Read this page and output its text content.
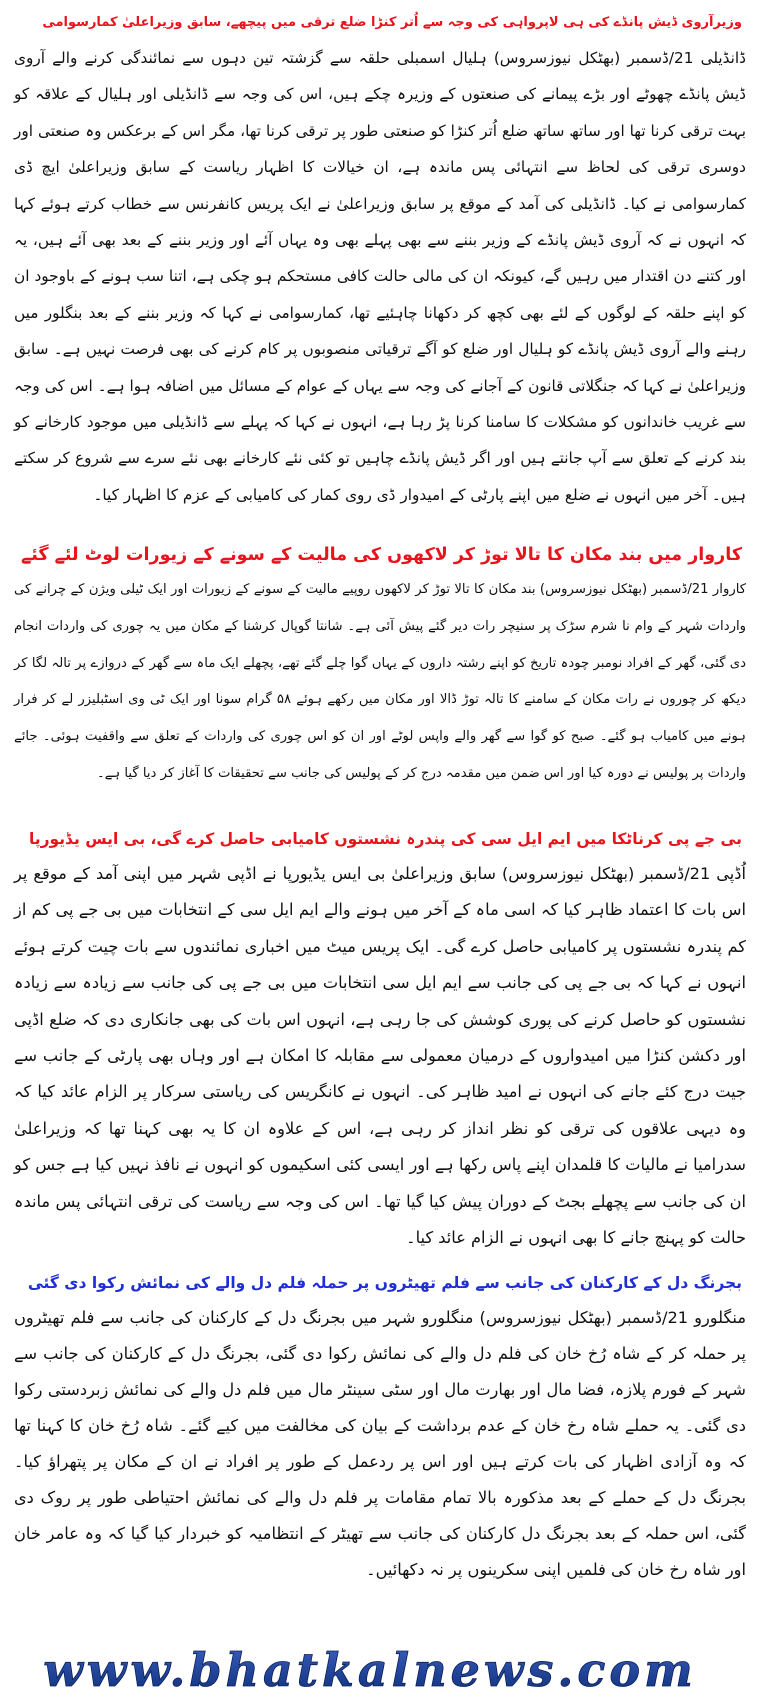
وزیرآروی ڈیش پانڈے کی ہی لاپرواہی کی وجہ سے اُتر کنڑا ضلع ترقی میں پیچھے، سابق وزیراعلیٰ کمارسوامی

ڈانڈیلی 21/ڈسمبر (بھٹکل نیوزسروس) ہلیال اسمبلی حلقہ سے گزشتہ تین دہوں سے نمائندگی کرنے والے آروی ڈیش پانڈے چھوٹے اور بڑے پیمانے کی صنعتوں کے وزیرہ چکے ہیں، اس کی وجہ سے ڈانڈیلی اور ہلیال کے علاقہ کو بہت ترقی کرنا تھا اور ساتھ ساتھ ضلع اُتر کنڑا کو صنعتی طور پر ترقی کرنا تھا، مگر اس کے برعکس وہ صنعتی اور دوسری ترقی کی لحاظ سے انتہائی پس ماندہ ہے، ان خیالات کا اظہار ریاست کے سابق وزیراعلیٰ ایچ ڈی کمارسوامی نے کیا۔ ڈانڈیلی کی آمد کے موقع پر سابق وزیراعلیٰ نے ایک پریس کانفرنس سے خطاب کرتے ہوئے کہا کہ انہوں نے کہ آروی ڈیش پانڈے کے وزیر بننے سے بھی پہلے بھی وہ یہاں آئے اور وزیر بننے کے بعد بھی آئے ہیں، یہ اور کتنے دن اقتدار میں رہیں گے، کیونکہ ان کی مالی حالت کافی مستحکم ہو چکی ہے، اتنا سب ہونے کے باوجود ان کو اپنے حلقہ کے لوگوں کے لئے بھی کچھ کر دکھانا چاہئیے تھا، کمارسوامی نے کہا کہ وزیر بننے کے بعد بنگلور میں رہنے والے آروی ڈیش پانڈے کو ہلیال اور ضلع کو آگے ترقیاتی منصوبوں پر کام کرنے کی بھی فرصت نہیں ہے۔ سابق وزیراعلیٰ نے کہا کہ جنگلاتی قانون کے آجانے کی وجہ سے یہاں کے عوام کے مسائل میں اضافہ ہوا ہے۔ اس کی وجہ سے غریب خاندانوں کو مشکلات کا سامنا کرنا پڑ رہا ہے، انہوں نے کہا کہ پہلے سے ڈانڈیلی میں موجود کارخانے کو بند کرنے کے تعلق سے آپ جانتے ہیں اور اگر ڈیش پانڈے چاہیں تو کئی نئے کارخانے بھی نئے سرے سے شروع کر سکتے ہیں۔ آخر میں انہوں نے ضلع میں اپنے پارٹی کے امیدوار ڈی روی کمار کی کامیابی کے عزم کا اظہار کیا۔

کاروار میں بند مکان کا تالا توڑ کر لاکھوں کی مالیت کے سونے کے زیورات لوٹ لئے گئے

کاروار 21/ڈسمبر (بھٹکل نیوزسروس) بند مکان کا تالا توڑ کر لاکھوں روپیے مالیت کے سونے کے زیورات اور ایک ٹیلی ویژن کے چرانے کی واردات شہر کے وام نا شرم سڑک پر سنیچر رات دیر گئے پیش آئی ہے۔ شانتا گوپال کرشنا کے مکان میں یہ چوری کی واردات انجام دی گئی، گھر کے افراد نومبر چودہ تاریخ کو اپنے رشتہ داروں کے یہاں گوا چلے گئے تھے، پچھلے ایک ماہ سے گھر کے دروازے پر تالہ لگا کر دیکھ کر چوروں نے رات مکان کے سامنے کا تالہ توڑ ڈالا اور مکان میں رکھے ہوئے ۵۸ گرام سونا اور ایک ٹی وی اسٹبلیزر لے کر فرار ہونے میں کامیاب ہو گئے۔ صبح کو گوا سے گھر والے واپس لوٹے اور ان کو اس چوری کی واردات کے تعلق سے واقفیت ہوئی۔ جائے واردات پر پولیس نے دورہ کیا اور اس ضمن میں مقدمہ درج کر کے پولیس کی جانب سے تحقیقات کا آغاز کر دیا گیا ہے۔

بی جے پی کرناٹکا میں ایم ایل سی کی پندرہ نشستوں کامیابی حاصل کرے گی، بی ایس یڈیورپا

اُڈپی 21/ڈسمبر (بھٹکل نیوزسروس) سابق وزیراعلیٰ بی ایس یڈیورپا نے اڈپی شہر میں اپنی آمد کے موقع پر اس بات کا اعتماد ظاہر کیا کہ اسی ماہ کے آخر میں ہونے والے ایم ایل سی کے انتخابات میں بی جے پی کم از کم پندرہ نشستوں پر کامیابی حاصل کرے گی۔ ایک پریس میٹ میں اخباری نمائندوں سے بات چیت کرتے ہوئے انہوں نے کہا کہ بی جے پی کی جانب سے ایم ایل سی انتخابات میں بی جے پی کی جانب سے زیادہ سے زیادہ نشستوں کو حاصل کرنے کی پوری کوشش کی جا رہی ہے، انہوں اس بات کی بھی جانکاری دی کہ ضلع اڈپی اور دکشن کنڑا میں امیدواروں کے درمیان معمولی سے مقابلہ کا امکان ہے اور وہاں بھی پارٹی کے جانب سے جیت درج کئے جانے کی انہوں نے امید ظاہر کی۔ انہوں نے کانگریس کی ریاستی سرکار پر الزام عائد کیا کہ وہ دیہی علاقوں کی ترقی کو نظر انداز کر رہی ہے، اس کے علاوہ ان کا یہ بھی کہنا تھا کہ وزیراعلیٰ سدرامیا نے مالیات کا قلمدان اپنے پاس رکھا ہے اور ایسی کئی اسکیموں کو انہوں نے نافذ نہیں کیا ہے جس کو ان کی جانب سے پچھلے بجٹ کے دوران پیش کیا گیا تھا۔ اس کی وجہ سے ریاست کی ترقی انتہائی پس ماندہ حالت کو پہنچ جانے کا بھی انہوں نے الزام عائد کیا۔

بجرنگ دل کے کارکنان کی جانب سے فلم تھیٹروں پر حملہ فلم دل والے کی نمائش رکوا دی گئی

منگلورو 21/ڈسمبر (بھٹکل نیوزسروس) منگلورو شہر میں بجرنگ دل کے کارکنان کی جانب سے فلم تھیٹروں پر حملہ کر کے شاہ رُخ خان کی فلم دل والے کی نمائش رکوا دی گئی، بجرنگ دل کے کارکنان کی جانب سے شہر کے فورم پلازہ، فضا مال اور بھارت مال اور سٹی سینٹر مال میں فلم دل والے کی نمائش زبردستی رکوا دی گئی۔ یہ حملے شاہ رخ خان کے عدم برداشت کے بیان کی مخالفت میں کیے گئے۔ شاہ رُخ خان کا کہنا تھا کہ وہ آزادی اظہار کی بات کرتے ہیں اور اس پر ردعمل کے طور پر افراد نے ان کے مکان پر پتھراؤ کیا۔ بجرنگ دل کے حملے کے بعد مذکورہ بالا تمام مقامات پر فلم دل والے کی نمائش احتیاطی طور پر روک دی گئی، اس حملہ کے بعد بجرنگ دل کارکنان کی جانب سے تھیٹر کے انتظامیہ کو خبردار کیا گیا کہ وہ عامر خان اور شاہ رخ خان کی فلمیں اپنی سکرینوں پر نہ دکھائیں۔

www.bhatkalnews.com
